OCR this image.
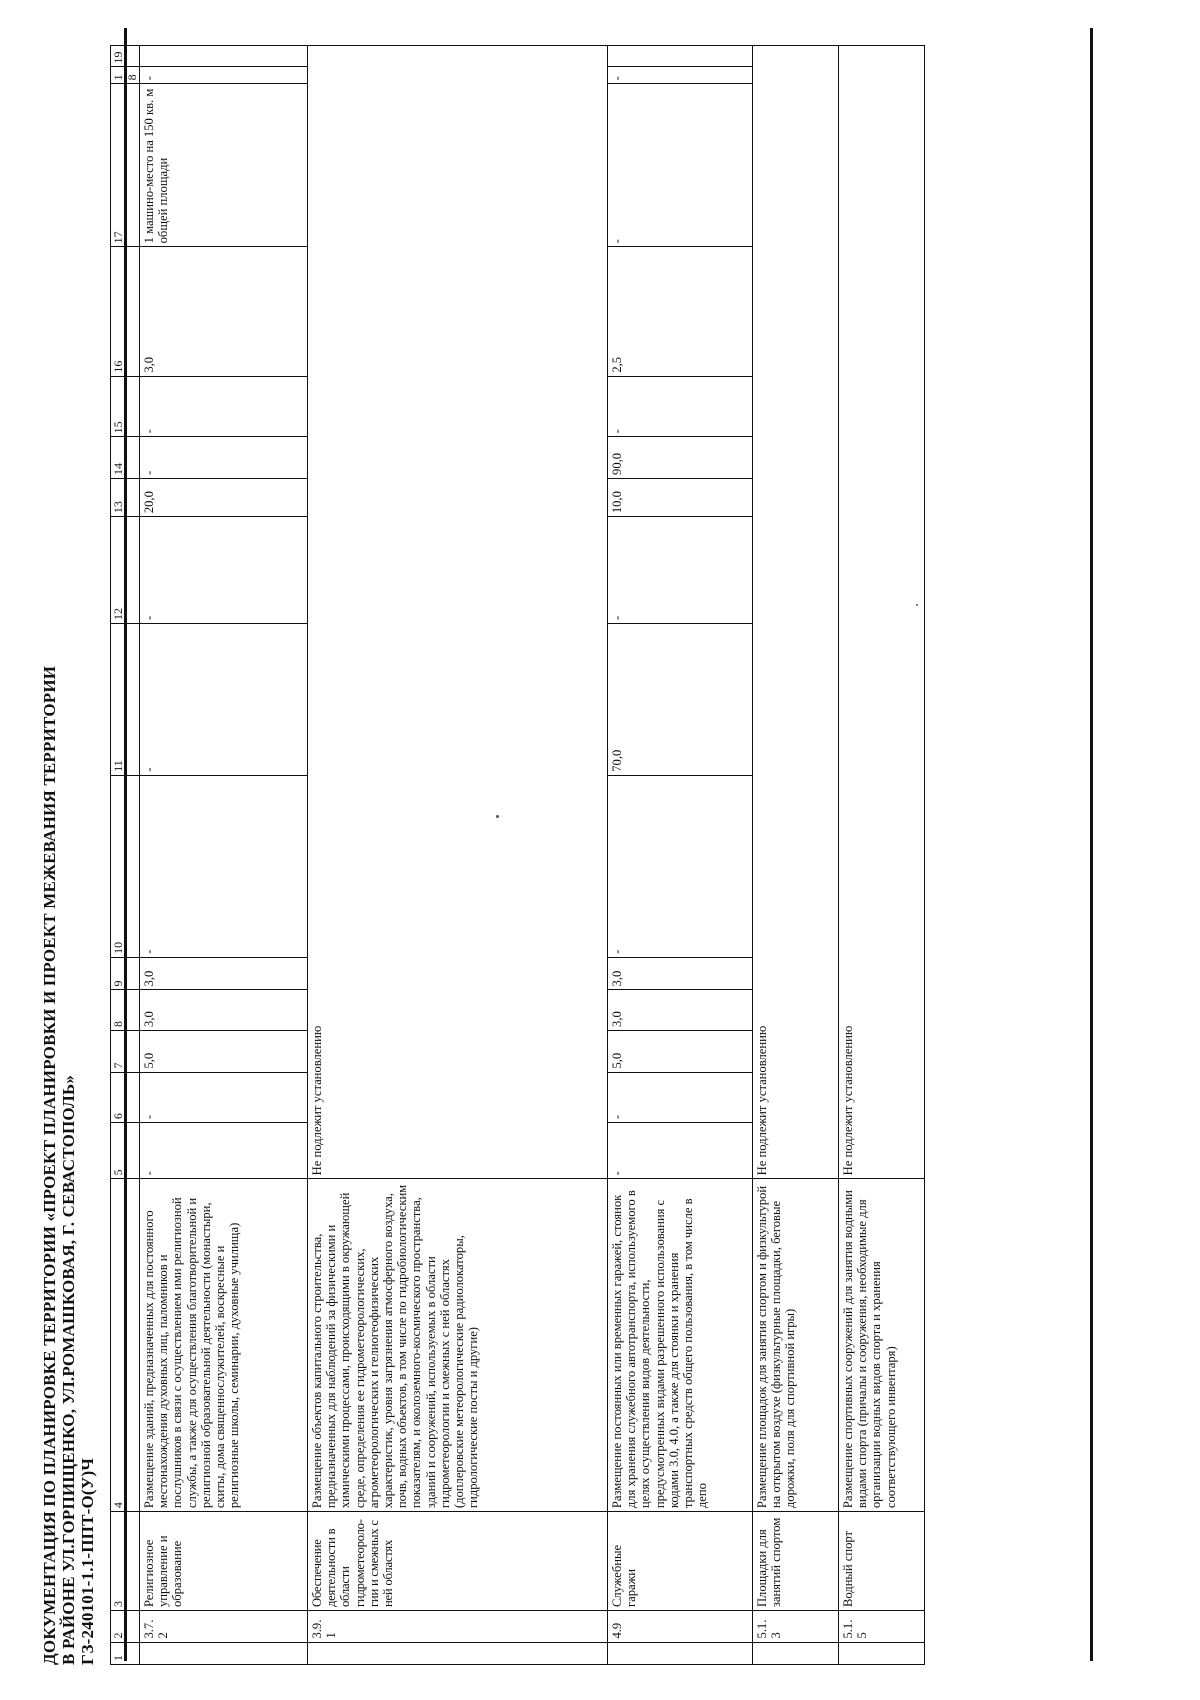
ДОКУМЕНТАЦИЯ ПО ПЛАНИРОВКЕ ТЕРРИТОРИИ «ПРОЕКТ ПЛАНИРОВКИ И ПРОЕКТ МЕЖЕВАНИЯ ТЕРРИТОРИИ В РАЙОНЕ УЛ.ГОРПИЩЕНКО, УЛ.РОМАШКОВАЯ, Г. СЕВАСТОПОЛЬ» ГЗ-240101-1.1-ППТ-О(У)Ч 1	2	3	4	5	6	7	8	9	10	11	12	13	14	15	16	17	18	19
	3.7.2	Религиозное управление и образование	Размещение зданий, предназначенных для постоянного местонахождения духовных лиц, паломников и послушников в связи с осуществлением ими религиозной службы, а также для осуществления благотворительной и религиозной образовательной деятельности (монастыри, скиты, дома священнослужителей, воскресные и религиозные школы, семинарии, духовные училища)	-	-	5,0	3,0	3,0	-	-	-	20,0	-	-	3,0	1 машино-место на 150 кв. м общей площади	-	
	3.9.1	Обеспечение деятельности в области гидрометеороло-гии и смежных с ней областях	Размещение объектов капитального строительства, предназначенных для наблюдений за физическими и химическими процессами, происходящими в окружающей среде, определения ее гидрометеорологических, агрометеорологических и гелиогеофизических характеристик, уровня загрязнения атмосферного воздуха, почв, водных объектов, в том числе по гидробиологическим показателям, и околоземного-космического пространства, зданий и сооружений, используемых в области гидрометеорологии и смежных с ней областях (доплеровские метеорологические радиолокаторы, гидрологические посты и другие)	Не подлежит установлению														
	4.9	Служебные гаражи	Размещение постоянных или временных гаражей, стоянок для хранения служебного автотранспорта, используемого в целях осуществления видов деятельности, предусмотренных видами разрешенного использования с кодами 3.0, 4.0, а также для стоянки и хранения транспортных средств общего пользования, в том числе в депо	-	-	5,0	3,0	3,0	-	70,0	-	10,0	90,0	-	2,5	-	-	
	5.1.3	Площадки для занятий спортом	Размещение площадок для занятия спортом и физкультурой на открытом воздухе (физкультурные площадки, беговые дорожки, поля для спортивной игры)	Не подлежит установлению														
	5.1.5	Водный спорт	Размещение спортивных сооружений для занятия водными видами спорта (причалы и сооружения, необходимые для организации водных видов спорта и хранения соответствующего инвентаря)	Не подлежит установлению														
